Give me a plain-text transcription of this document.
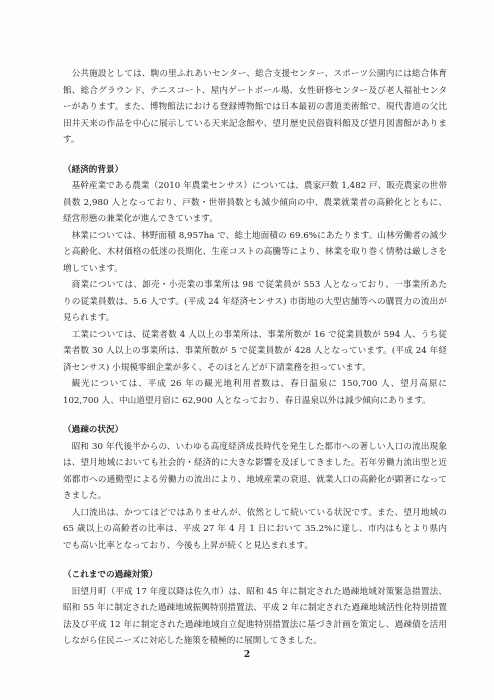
公共施設としては、駒の里ふれあいセンター、総合支援センター、スポーツ公園内には総合体育館、総合グラウンド、テニスコート、屋内ゲートボール場、女性研修センター及び老人福祉センターがあります。また、博物館法における登録博物館では日本最初の書道美術館で、現代書道の父比田井天来の作品を中心に展示している天来記念館や、望月歴史民俗資料館及び望月図書館があります。

（経済的背景）

基幹産業である農業（2010 年農業センサス）については、農家戸数 1,482 戸、販売農家の世帯員数 2,980 人となっており、戸数・世帯員数とも減少傾向の中、農業就業者の高齢化とともに、経営形態の兼業化が進んできています。

林業については、林野面積 8,957ha で、総土地面積の 69.6%にあたります。山林労働者の減少と高齢化、木材価格の低迷の長期化、生産コストの高騰等により、林業を取り巻く情勢は厳しさを増しています。

商業については、卸売・小売業の事業所は 98 で従業員が 553 人となっており、一事業所あたりの従業員数は、5.6 人です。(平成 24 年経済センサス) 市街地の大型店舗等への購買力の流出が見られます。

工業については、従業者数 4 人以上の事業所は、事業所数が 16 で従業員数が 594 人、うち従業者数 30 人以上の事業所は、事業所数が 5 で従業員数が 428 人となっています。(平成 24 年経済センサス) 小規模零細企業が多く、そのほとんどが下請業務を担っています。

観光については、平成 26 年の観光地利用者数は、春日温泉に 150,700 人、望月高原に 102,700 人、中山道望月宿に 62,900 人となっており、春日温泉以外は減少傾向にあります。

（過疎の状況）

昭和 30 年代後半からの、いわゆる高度経済成長時代を発生した都市への著しい人口の流出現象は、望月地域においても社会的・経済的に大きな影響を及ぼしてきました。若年労働力流出型と近郊都市への通勤型による労働力の流出により、地域産業の衰退、就業人口の高齢化が顕著になってきました。

人口流出は、かつてほどではありませんが、依然として続いている状況です。また、望月地域の 65 歳以上の高齢者の比率は、平成 27 年 4 月 1 日において 35.2%に達し、市内はもとより県内でも高い比率となっており、今後も上昇が続くと見込まれます。

（これまでの過疎対策）

旧望月町（平成 17 年度以降は佐久市）は、昭和 45 年に制定された過疎地域対策緊急措置法、昭和 55 年に制定された過疎地域振興特別措置法、平成 2 年に制定された過疎地域活性化特別措置法及び平成 12 年に制定された過疎地域自立促進特別措置法に基づき計画を策定し、過疎債を活用しながら住民ニーズに対応した施策を積極的に展開してきました。

2
